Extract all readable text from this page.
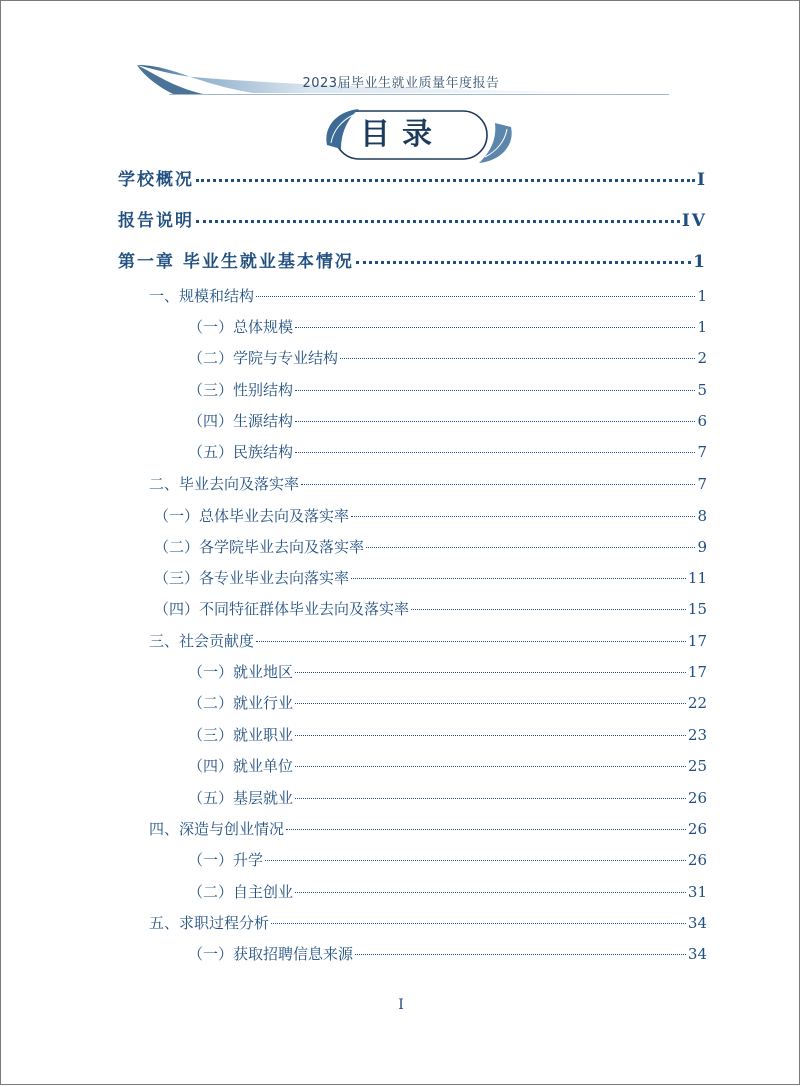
2023届毕业生就业质量年度报告
目录
学校概况	I
报告说明	IV
第一章 毕业生就业基本情况	1
一、规模和结构	1
（一）总体规模	1
（二）学院与专业结构	2
（三）性别结构	5
（四）生源结构	6
（五）民族结构	7
二、毕业去向及落实率	7
（一）总体毕业去向及落实率	8
（二）各学院毕业去向及落实率	9
（三）各专业毕业去向落实率	11
（四）不同特征群体毕业去向及落实率	15
三、社会贡献度	17
（一）就业地区	17
（二）就业行业	22
（三）就业职业	23
（四）就业单位	25
（五）基层就业	26
四、深造与创业情况	26
（一）升学	26
（二）自主创业	31
五、求职过程分析	34
（一）获取招聘信息来源	34
I
